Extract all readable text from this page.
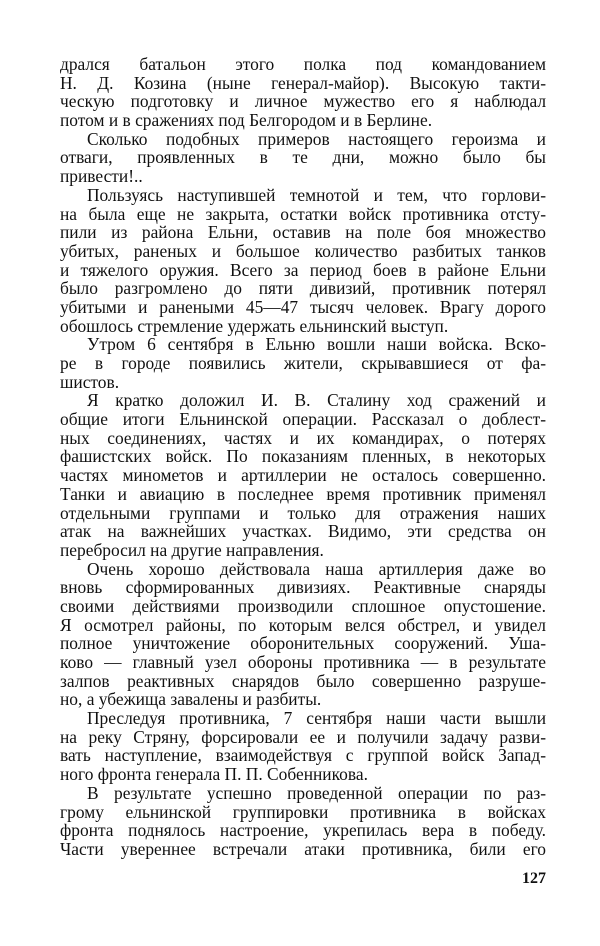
дрался батальон этого полка под командованием
Н. Д. Козина (ныне генерал-майор). Высокую такти-
ческую подготовку и личное мужество его я наблюдал
потом и в сражениях под Белгородом и в Берлине.
Сколько подобных примеров настоящего героизма и
отваги, проявленных в те дни, можно было бы
привести!..
Пользуясь наступившей темнотой и тем, что горлови-
на была еще не закрыта, остатки войск противника отсту-
пили из района Ельни, оставив на поле боя множество
убитых, раненых и большое количество разбитых танков
и тяжелого оружия. Всего за период боев в районе Ельни
было разгромлено до пяти дивизий, противник потерял
убитыми и ранеными 45—47 тысяч человек. Врагу дорого
обошлось стремление удержать ельнинский выступ.
Утром 6 сентября в Ельню вошли наши войска. Вско-
ре в городе появились жители, скрывавшиеся от фа-
шистов.
Я кратко доложил И. В. Сталину ход сражений и
общие итоги Ельнинской операции. Рассказал о доблест-
ных соединениях, частях и их командирах, о потерях
фашистских войск. По показаниям пленных, в некоторых
частях минометов и артиллерии не осталось совершенно.
Танки и авиацию в последнее время противник применял
отдельными группами и только для отражения наших
атак на важнейших участках. Видимо, эти средства он
перебросил на другие направления.
Очень хорошо действовала наша артиллерия даже во
вновь сформированных дивизиях. Реактивные снаряды
своими действиями производили сплошное опустошение.
Я осмотрел районы, по которым велся обстрел, и увидел
полное уничтожение оборонительных сооружений. Уша-
ково — главный узел обороны противника — в результате
залпов реактивных снарядов было совершенно разруше-
но, а убежища завалены и разбиты.
Преследуя противника, 7 сентября наши части вышли
на реку Стряну, форсировали ее и получили задачу разви-
вать наступление, взаимодействуя с группой войск Запад-
ного фронта генерала П. П. Собенникова.
В результате успешно проведенной операции по раз-
грому ельнинской группировки противника в войсках
фронта поднялось настроение, укрепилась вера в победу.
Части увереннее встречали атаки противника, били его
127
